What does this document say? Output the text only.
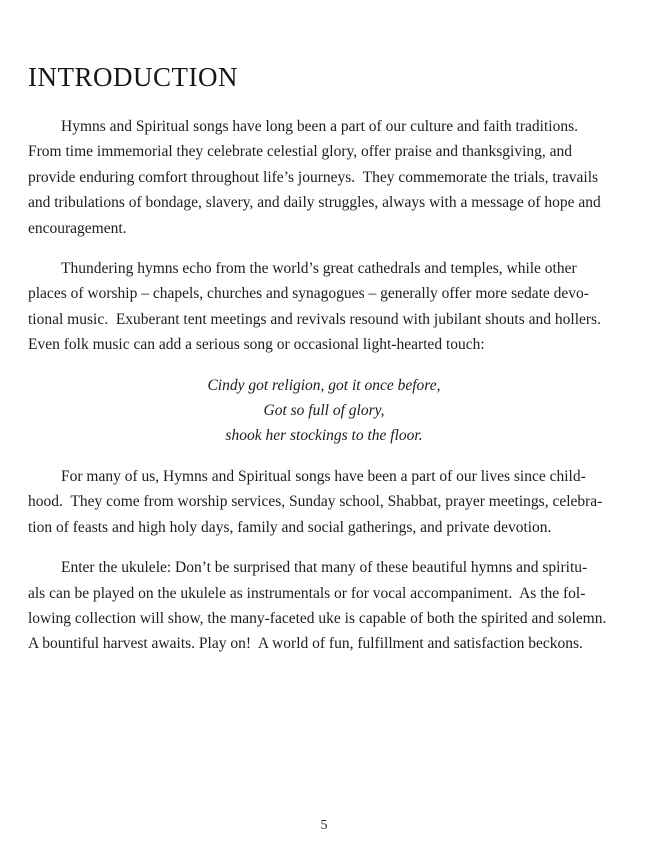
INTRODUCTION
Hymns and Spiritual songs have long been a part of our culture and faith traditions.
From time immemorial they celebrate celestial glory, offer praise and thanksgiving, and
provide enduring comfort throughout life’s journeys.  They commemorate the trials, travails
and tribulations of bondage, slavery, and daily struggles, always with a message of hope and
encouragement.
Thundering hymns echo from the world’s great cathedrals and temples, while other
places of worship – chapels, churches and synagogues – generally offer more sedate devo-
tional music.  Exuberant tent meetings and revivals resound with jubilant shouts and hollers.
Even folk music can add a serious song or occasional light-hearted touch:
Cindy got religion, got it once before,
Got so full of glory,
shook her stockings to the floor.
For many of us, Hymns and Spiritual songs have been a part of our lives since child-
hood.  They come from worship services, Sunday school, Shabbat, prayer meetings, celebra-
tion of feasts and high holy days, family and social gatherings, and private devotion.
Enter the ukulele: Don’t be surprised that many of these beautiful hymns and spiritu-
als can be played on the ukulele as instrumentals or for vocal accompaniment.  As the fol-
lowing collection will show, the many-faceted uke is capable of both the spirited and solemn.
A bountiful harvest awaits. Play on!  A world of fun, fulfillment and satisfaction beckons.
5
